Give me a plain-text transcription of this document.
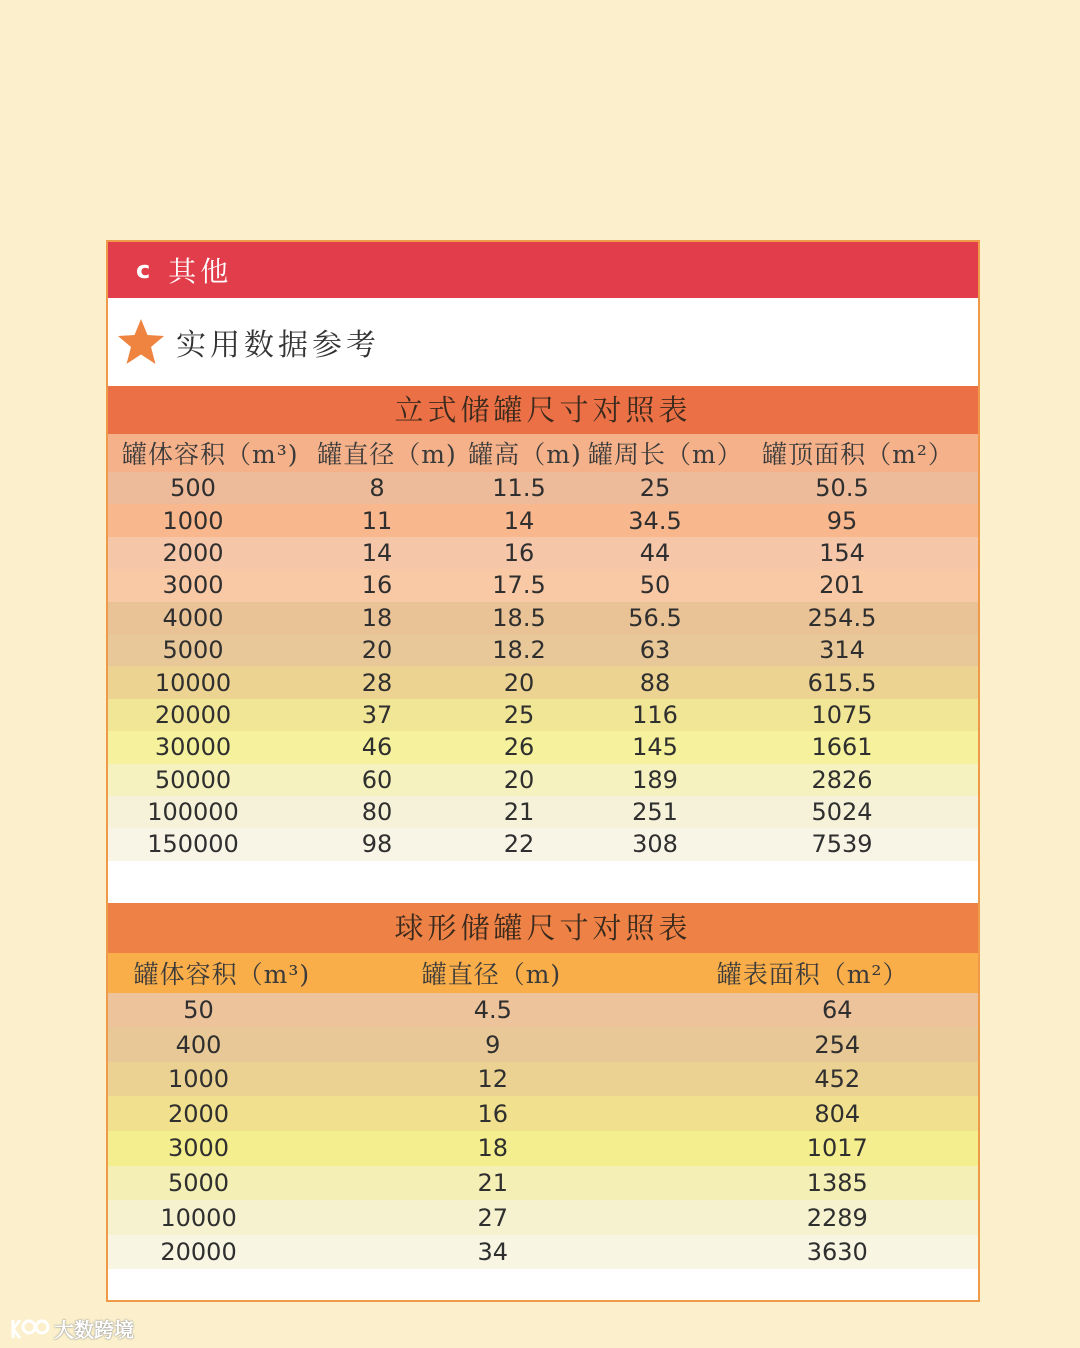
c 其他
实用数据参考
立式储罐尺寸对照表
罐体容积（m³) 罐直径（m) 罐高（m) 罐周长（m） 罐顶面积（m²）
500	8	11.5	25	50.5
1000	11	14	34.5	95
2000	14	16	44	154
3000	16	17.5	50	201
4000	18	18.5	56.5	254.5
5000	20	18.2	63	314
10000	28	20	88	615.5
20000	37	25	116	1075
30000	46	26	145	1661
50000	60	20	189	2826
100000	80	21	251	5024
150000	98	22	308	7539
球形储罐尺寸对照表
罐体容积（m³)	罐直径（m)	罐表面积（m²）
50	4.5	64
400	9	254
1000	12	452
2000	16	804
3000	18	1017
5000	21	1385
10000	27	2289
20000	34	3630
大数跨境
